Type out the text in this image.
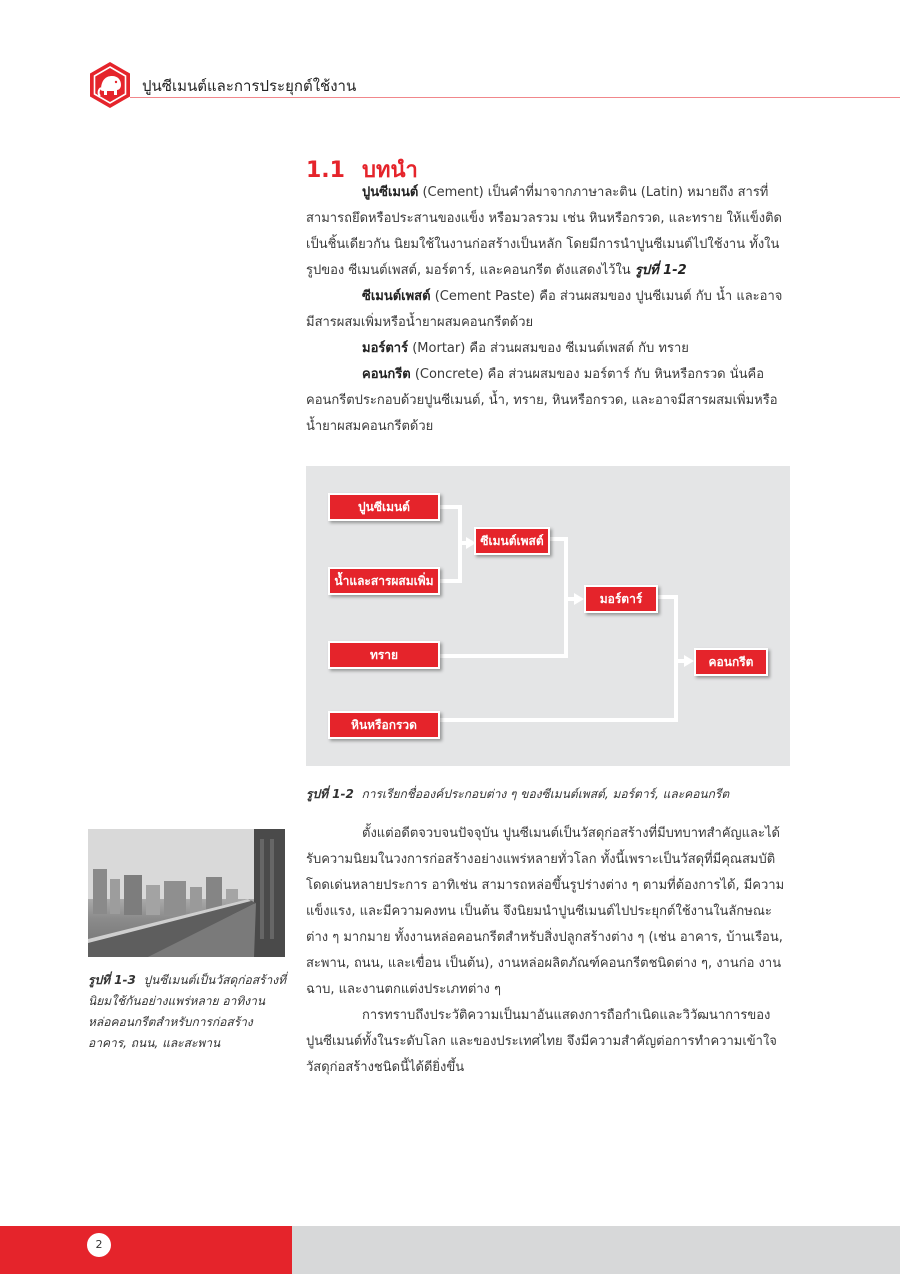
ปูนซีเมนต์และการประยุกต์ใช้งาน
1.1 บทนำ

ปูนซีเมนต์ (Cement) เป็นคำที่มาจากภาษาละติน (Latin) หมายถึง สารที่สามารถยึดหรือประสานของแข็ง หรือมวลรวม เช่น หินหรือกรวด, และทราย ให้แข็งติดเป็นชิ้นเดียวกัน นิยมใช้ในงานก่อสร้างเป็นหลัก โดยมีการนำปูนซีเมนต์ไปใช้งาน ทั้งในรูปของ ซีเมนต์เพสต์, มอร์ตาร์, และคอนกรีต ดังแสดงไว้ใน รูปที่ 1-2

ซีเมนต์เพสต์ (Cement Paste) คือ ส่วนผสมของ ปูนซีเมนต์ กับ น้ำ และอาจมีสารผสมเพิ่มหรือน้ำยาผสมคอนกรีตด้วย

มอร์ตาร์ (Mortar) คือ ส่วนผสมของ ซีเมนต์เพสต์ กับ ทราย

คอนกรีต (Concrete) คือ ส่วนผสมของ มอร์ตาร์ กับ หินหรือกรวด นั่นคือ คอนกรีตประกอบด้วยปูนซีเมนต์, น้ำ, ทราย, หินหรือกรวด, และอาจมีสารผสมเพิ่มหรือน้ำยาผสมคอนกรีตด้วย

ปูนซีเมนต์
น้ำและสารผสมเพิ่ม
ซีเมนต์เพสต์
ทราย
มอร์ตาร์
หินหรือกรวด
คอนกรีต
รูปที่ 1-2 การเรียกชื่อองค์ประกอบต่าง ๆ ของซีเมนต์เพสต์, มอร์ตาร์, และคอนกรีต
รูปที่ 1-3 ปูนซีเมนต์เป็นวัสดุก่อสร้างที่นิยมใช้กันอย่างแพร่หลาย อาทิงานหล่อคอนกรีตสำหรับการก่อสร้างอาคาร, ถนน, และสะพาน

ตั้งแต่อดีตจวบจนปัจจุบัน ปูนซีเมนต์เป็นวัสดุก่อสร้างที่มีบทบาทสำคัญและได้รับความนิยมในวงการก่อสร้างอย่างแพร่หลายทั่วโลก ทั้งนี้เพราะเป็นวัสดุที่มีคุณสมบัติโดดเด่นหลายประการ อาทิเช่น สามารถหล่อขึ้นรูปร่างต่าง ๆ ตามที่ต้องการได้, มีความแข็งแรง, และมีความคงทน เป็นต้น จึงนิยมนำปูนซีเมนต์ไปประยุกต์ใช้งานในลักษณะต่าง ๆ มากมาย ทั้งงานหล่อคอนกรีตสำหรับสิ่งปลูกสร้างต่าง ๆ (เช่น อาคาร, บ้านเรือน, สะพาน, ถนน, และเขื่อน เป็นต้น), งานหล่อผลิตภัณฑ์คอนกรีตชนิดต่าง ๆ, งานก่อ งานฉาบ, และงานตกแต่งประเภทต่าง ๆ

การทราบถึงประวัติความเป็นมาอันแสดงการถือกำเนิดและวิวัฒนาการของปูนซีเมนต์ทั้งในระดับโลก และของประเทศไทย จึงมีความสำคัญต่อการทำความเข้าใจวัสดุก่อสร้างชนิดนี้ได้ดียิ่งขึ้น

2
